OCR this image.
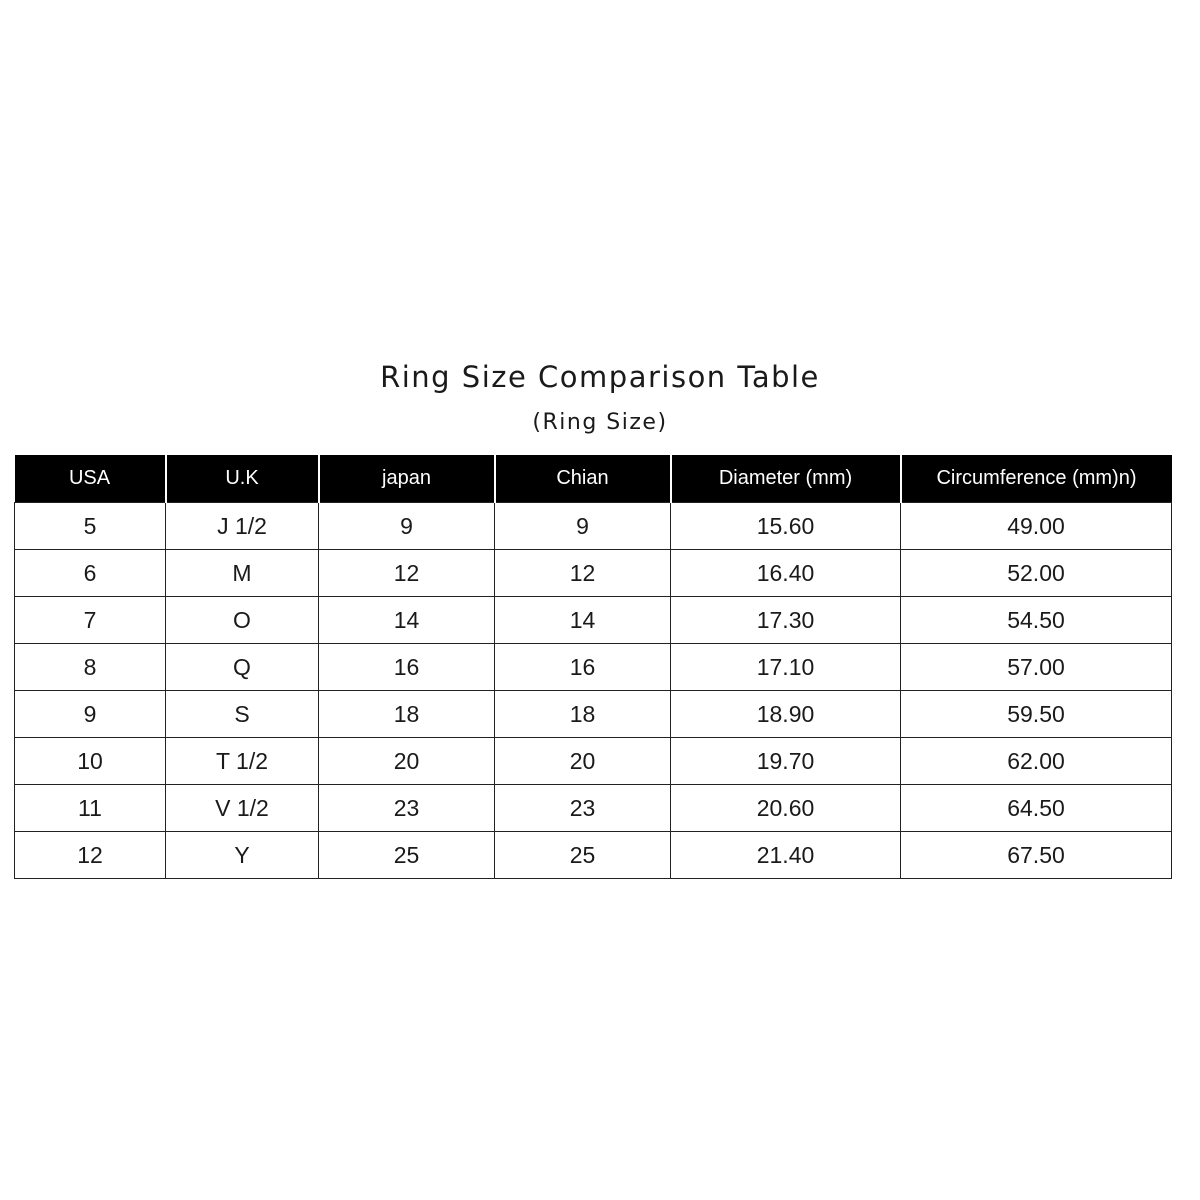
Ring Size Comparison Table
(Ring Size)
USA	U.K	japan	Chian	Diameter (mm)	Circumference (mm)n)
5	J 1/2	9	9	15.60	49.00
6	M	12	12	16.40	52.00
7	O	14	14	17.30	54.50
8	Q	16	16	17.10	57.00
9	S	18	18	18.90	59.50
10	T 1/2	20	20	19.70	62.00
11	V 1/2	23	23	20.60	64.50
12	Y	25	25	21.40	67.50
